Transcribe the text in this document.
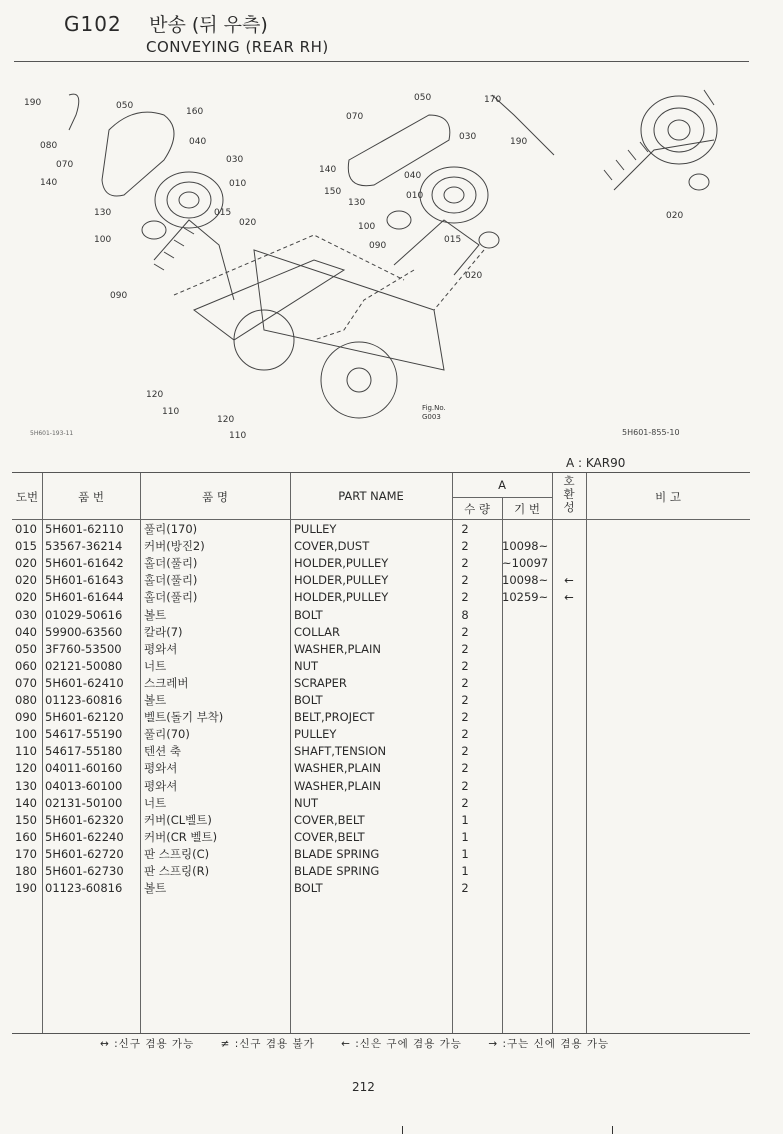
G102 반송 (뒤 우측)
CONVEYING (REAR RH)
190	050
160
080	040
070	030
140	010
130	015
020
100
090
120
110
120
110
050	170
070
030	190
140
040
150	010
130
100
090
015
020
020
Fig.No.
G003
5H601-193-11	5H601-855-10
A : KAR90
도번	품 번	품 명	PART NAME
A
수 량	기 번
호
환
성
비 고
010 5H601-62110	풀리(170)	PULLEY	2
015 53567-36214	커버(방진2)	COVER,DUST	2	10098~
020 5H601-61642	홀더(풀리)	HOLDER,PULLEY	2	~10097
020 5H601-61643	홀더(풀리)	HOLDER,PULLEY	2	10098~	←
020 5H601-61644	홀더(풀리)	HOLDER,PULLEY	2	10259~	←
030 01029-50616	볼트	BOLT	8
040 59900-63560	칼라(7)	COLLAR	2
050 3F760-53500	평와셔	WASHER,PLAIN	2
060 02121-50080	너트	NUT	2
070 5H601-62410	스크레버	SCRAPER	2
080 01123-60816	볼트	BOLT	2
090 5H601-62120	벨트(돌기 부착)	BELT,PROJECT	2
100 54617-55190	풀리(70)	PULLEY	2
110 54617-55180	텐션 축	SHAFT,TENSION	2
120 04011-60160	평와셔	WASHER,PLAIN	2
130 04013-60100	평와셔	WASHER,PLAIN	2
140 02131-50100	너트	NUT	2
150 5H601-62320	커버(CL벨트)	COVER,BELT	1
160 5H601-62240	커버(CR 벨트)	COVER,BELT	1
170 5H601-62720	판 스프링(C)	BLADE SPRING	1
180 5H601-62730	판 스프링(R)	BLADE SPRING	1
190 01123-60816	볼트	BOLT	2
↔ :신구 겸용 가능	≠ :신구 겸용 불가	← :신은 구에 겸용 가능	→ :구는 신에 겸용 가능
212
